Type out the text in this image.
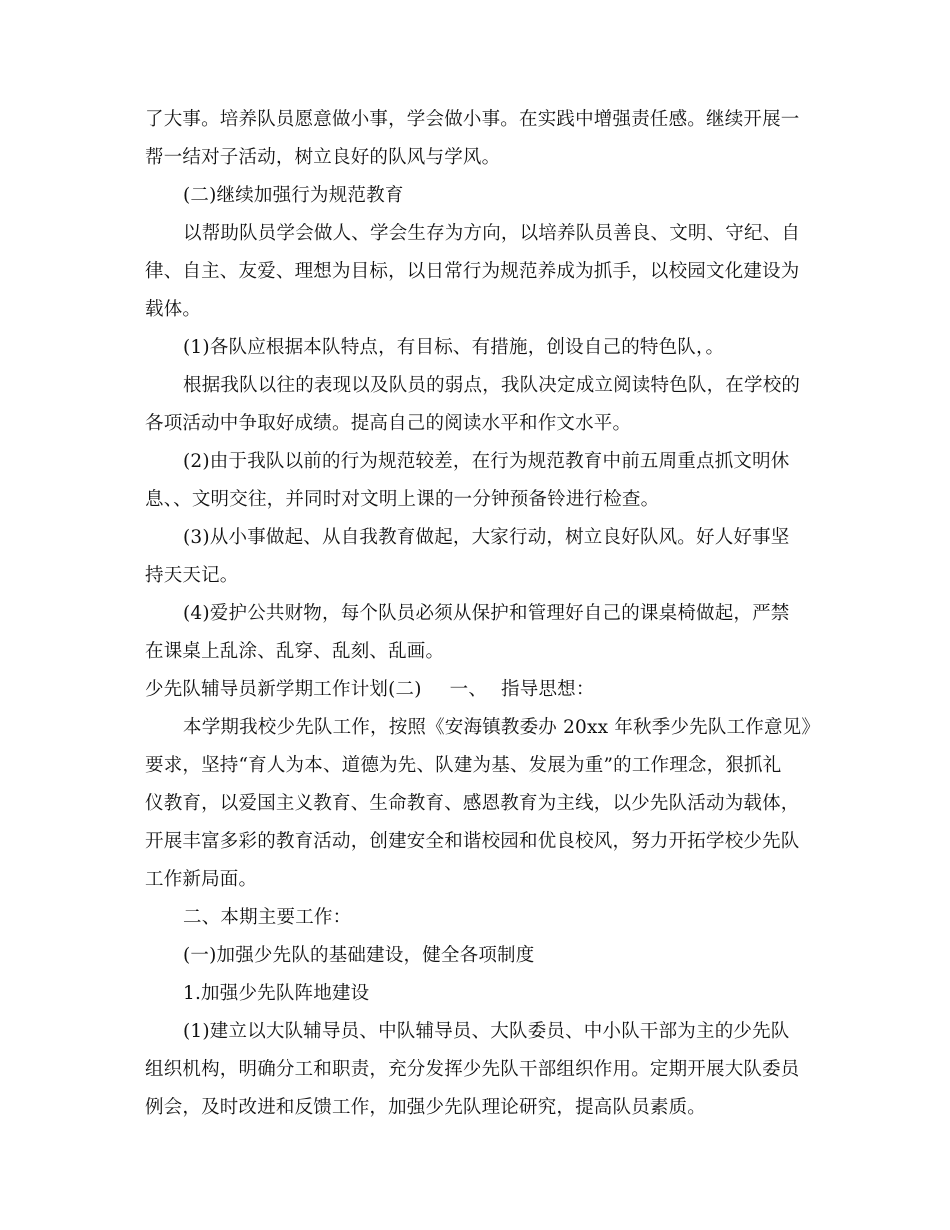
了大事。培养队员愿意做小事，学会做小事。在实践中增强责任感。继续开展一
帮一结对子活动，树立良好的队风与学风。
(二)继续加强行为规范教育
以帮助队员学会做人、学会生存为方向，以培养队员善良、文明、守纪、自
律、自主、友爱、理想为目标，以日常行为规范养成为抓手，以校园文化建设为
载体。
(1)各队应根据本队特点，有目标、有措施，创设自己的特色队，。
根据我队以往的表现以及队员的弱点，我队决定成立阅读特色队，在学校的
各项活动中争取好成绩。提高自己的阅读水平和作文水平。
(2)由于我队以前的行为规范较差，在行为规范教育中前五周重点抓文明休
息、、文明交往，并同时对文明上课的一分钟预备铃进行检查。
(3)从小事做起、从自我教育做起，大家行动，树立良好队风。好人好事坚
持天天记。
(4)爱护公共财物，每个队员必须从保护和管理好自己的课桌椅做起，严禁
在课桌上乱涂、乱穿、乱刻、乱画。
少先队辅导员新学期工作计划(二) 一、 指导思想：
本学期我校少先队工作，按照《安海镇教委办 20xx 年秋季少先队工作意见》
要求，坚持“育人为本、道德为先、队建为基、发展为重”的工作理念，狠抓礼
仪教育，以爱国主义教育、生命教育、感恩教育为主线，以少先队活动为载体，
开展丰富多彩的教育活动，创建安全和谐校园和优良校风，努力开拓学校少先队
工作新局面。
二、本期主要工作：
(一)加强少先队的基础建设，健全各项制度
1.加强少先队阵地建设
(1)建立以大队辅导员、中队辅导员、大队委员、中小队干部为主的少先队
组织机构，明确分工和职责，充分发挥少先队干部组织作用。定期开展大队委员
例会，及时改进和反馈工作，加强少先队理论研究，提高队员素质。
